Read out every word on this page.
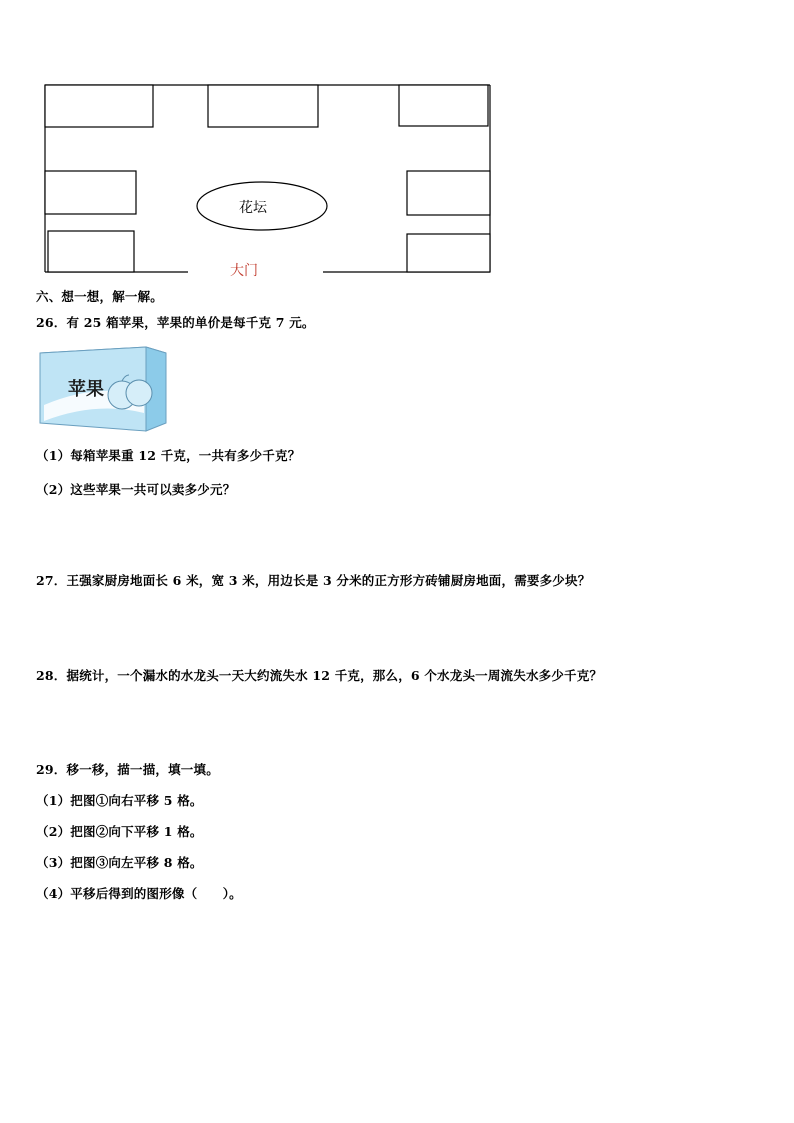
花坛
大门
六、想一想，解一解。
26．有 25 箱苹果，苹果的单价是每千克 7 元。
苹果
（1）每箱苹果重 12 千克，一共有多少千克？
（2）这些苹果一共可以卖多少元？
27．王强家厨房地面长 6 米，宽 3 米，用边长是 3 分米的正方形方砖铺厨房地面，需要多少块？
28．据统计，一个漏水的水龙头一天大约流失水 12 千克，那么，6 个水龙头一周流失水多少千克？
29．移一移，描一描，填一填。
（1）把图①向右平移 5 格。
（2）把图②向下平移 1 格。
（3）把图③向左平移 8 格。
（4）平移后得到的图形像（　　）。
